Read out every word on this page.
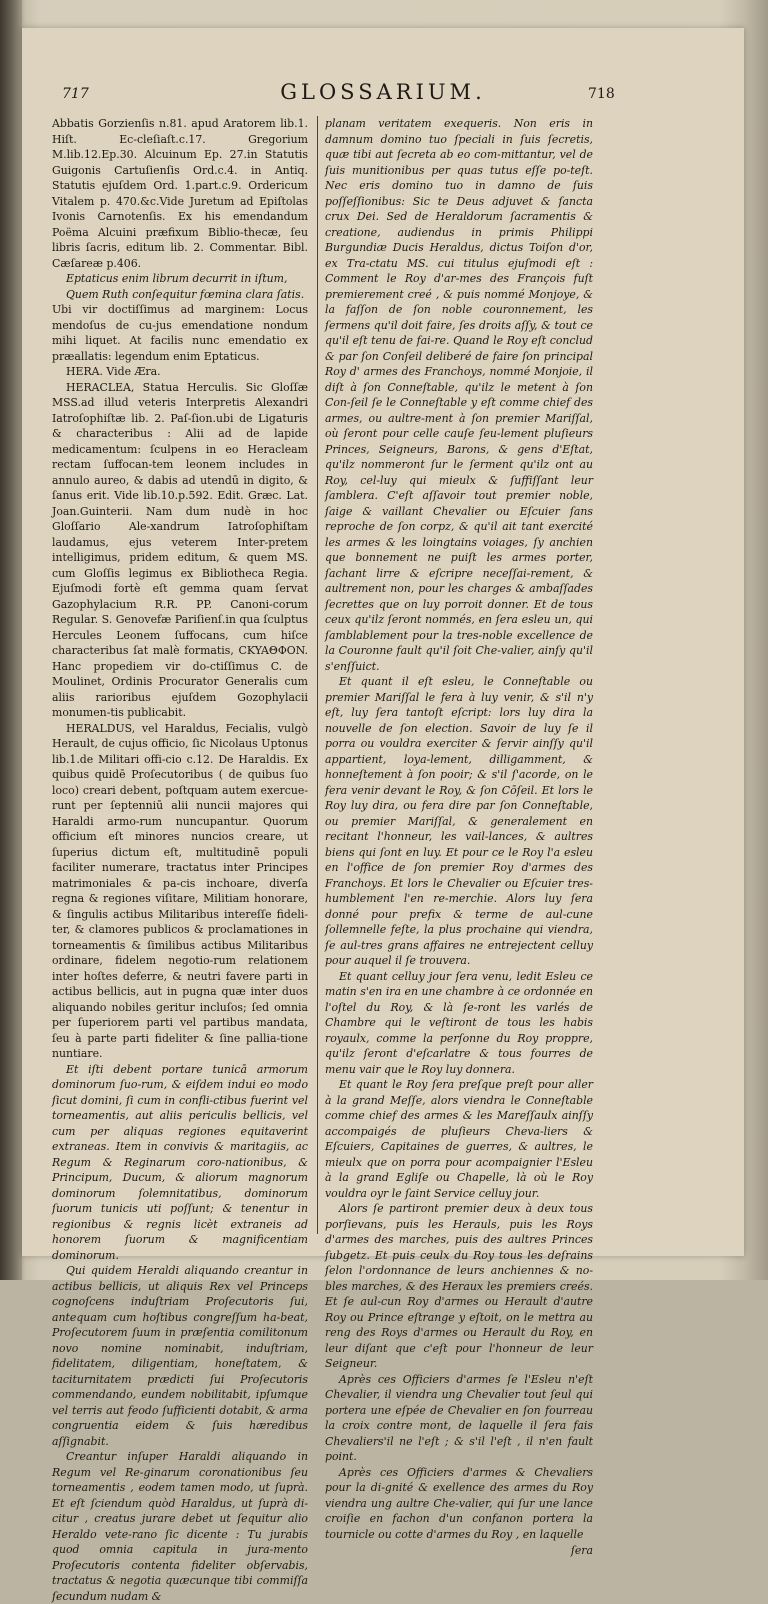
717	GLOSSARIUM.	718

Abbatis Gorzienſis n.81. apud Aratorem lib.1. Hiſt. Ec-cleſiaſt.c.17. Gregorium M.lib.12.Ep.30. Alcuinum Ep. 27.in Statutis Guigonis Cartuſienſis Ord.c.4. in Antiq. Statutis ejuſdem Ord. 1.part.c.9. Ordericum Vitalem p. 470.&c.Vide Juretum ad Epiſtolas Ivonis Carnotenſis. Ex his emendandum Poëma Alcuini præfixum Biblio-thecæ, ſeu libris ſacris, editum lib. 2. Commentar. Bibl. Cæſareæ p.406.

Eptaticus enim librum decurrit in iſtum,

Quem Ruth conſequitur fœmina clara ſatis.

Ubi vir doctiſſimus ad marginem: Locus mendoſus de cu-jus emendatione nondum mihi liquet. At facilis nunc emendatio ex præallatis: legendum enim Eptaticus.

HERA. Vide Æra.

HERACLEA, Statua Herculis. Sic Gloſſæ MSS.ad illud veteris Interpretis Alexandri Iatroſophiſtæ lib. 2. Paſ-ſion.ubi de Ligaturis & characteribus : Alii ad de lapide medicamentum: ſculpens in eo Heracleam rectam ſuffocan-tem leonem includes in annulo aureo, & dabis ad utendū in digito, & ſanus erit. Vide lib.10.p.592. Edit. Græc. Lat. Joan.Guinterii. Nam dum nudè in hoc Gloſſario Ale-xandrum Iatroſophiſtam laudamus, ejus veterem Inter-pretem intelligimus, pridem editum, & quem MS. cum Gloſſis legimus ex Bibliotheca Regia. Ejuſmodi fortè eſt gemma quam ſervat Gazophylacium R.R. PP. Canoni-corum Regular. S. Genovefæ Pariſienſ.in qua ſculptus Hercules Leonem ſuffocans, cum hiſce characteribus ſat malè formatis, CKYAΘΦON. Hanc propediem vir do-ctiſſimus C. de Moulinet, Ordinis Procurator Generalis cum aliis rarioribus ejuſdem Gozophylacii monumen-tis publicabit.

HERALDUS, vel Haraldus, Fecialis, vulgò Herault, de cujus officio, ſic Nicolaus Uptonus lib.1.de Militari offi-cio c.12. De Haraldis. Ex quibus quidē Proſecutoribus ( de quibus ſuo loco) creari debent, poſtquam autem exercue-runt per ſeptenniū alii nuncii majores qui Haraldi armo-rum nuncupantur. Quorum officium eſt minores nuncios creare, ut ſuperius dictum eſt, multitudinē populi faciliter numerare, tractatus inter Principes matrimoniales & pa-cis inchoare, diverſa regna & regiones viſitare, Militiam honorare, & ſingulis actibus Militaribus intereſſe fideli-ter, & clamores publicos & proclamationes in torneamentis & ſimilibus actibus Militaribus ordinare, fidelem negotio-rum relationem inter hoſtes deferre, & neutri favere parti in actibus bellicis, aut in pugna quæ inter duos aliquando nobiles geritur incluſos; ſed omnia per ſuperiorem parti vel partibus mandata, ſeu à parte parti fideliter & ſine pallia-tione nuntiare.

Et iſti debent portare tunicā armorum dominorum ſuo-rum, & eiſdem indui eo modo ſicut domini, ſi cum in confli-ctibus fuerint vel torneamentis, aut aliis periculis bellicis, vel cum per aliquas regiones equitaverint extraneas. Item in convivis & maritagiis, ac Regum & Reginarum coro-nationibus, & Principum, Ducum, & aliorum magnorum dominorum ſolemnitatibus, dominorum ſuorum tunicis uti poſſunt; & tenentur in regionibus & regnis licèt extraneis ad honorem ſuorum & magnificentiam dominorum.

Qui quidem Heraldi aliquando creantur in actibus bellicis, ut aliquis Rex vel Princeps cognoſcens induſtriam Proſecutoris ſui, antequam cum hoſtibus congreſſum ha-beat, Proſecutorem ſuum in præſentia comilitonum novo nomine nominabit, induſtriam, fidelitatem, diligentiam, honeſtatem, & taciturnitatem prædicti ſui Proſecutoris commendando, eundem nobilitabit, ipſumque vel terris aut feodo ſufficienti dotabit, & arma congruentia eidem & ſuis hæredibus aſſignabit.

Creantur inſuper Haraldi aliquando in Regum vel Re-ginarum coronationibus ſeu torneamentis , eodem tamen modo, ut ſuprà. Et eſt ſciendum quòd Haraldus, ut ſuprà di-citur , creatus jurare debet ut ſequitur alio Heraldo vete-rano ſic dicente : Tu jurabis quod omnia capitula in jura-mento Proſecutoris contenta fideliter obſervabis, tractatus & negotia quæcunque tibi commiſſa ſecundum nudam &

planam veritatem exequeris. Non eris in damnum domino tuo ſpeciali in ſuis ſecretis, quæ tibi aut ſecreta ab eo com-mittantur, vel de ſuis munitionibus per quas tutus eſſe po-teſt. Nec eris domino tuo in damno de ſuis poſſeſſionibus: Sic te Deus adjuvet & ſancta crux Dei. Sed de Heraldorum ſacramentis & creatione, audiendus in primis Philippi Burgundiæ Ducis Heraldus, dictus Toiſon d'or, ex Tra-ctatu MS. cui titulus ejuſmodi eſt : Comment le Roy d'ar-mes des François fuſt premierement creé , & puis nommé Monjoye, & la faſſon de ſon noble couronnement, les ſermens qu'il doit faire, ſes droits aſſy, & tout ce qu'il eſt tenu de fai-re. Quand le Roy eſt conclud & par ſon Conſeil deliberé de faire ſon principal Roy d' armes des Franchoys, nommé Monjoie, il diſt à ſon Conneſtable, qu'ilz le metent à ſon Con-ſeil ſe le Conneſtable y eſt comme chief des armes, ou aultre-ment à ſon premier Mariſſal, où ſeront pour celle cauſe ſeu-lement pluſieurs Princes, Seigneurs, Barons, & gens d'Eſtat, qu'ilz nommeront ſur le ſerment qu'ilz ont au Roy, cel-luy qui mieulx & ſuffiſſant leur ſamblera. C'eſt aſſavoir tout premier noble, ſaige & vaillant Chevalier ou Eſcuier ſans reproche de ſon corpz, & qu'il ait tant exercité les armes & les loingtains voiages, ſy anchien que bonnement ne puiſt les armes porter, ſachant lirre & eſcripre neceſſai-rement, & aultrement non, pour les charges & ambaſſades ſecrettes que on luy porroit donner. Et de tous ceux qu'ilz ſeront nommés, en ſera esleu un, qui ſamblablement pour la tres-noble excellence de la Couronne fault qu'il ſoit Che-valier, ainſy qu'il s'enſſuict.

Et quant il eſt esleu, le Conneſtable ou premier Mariſſal le fera à luy venir, & s'il n'y eſt, luy ſera tantoſt eſcript: lors luy dira la nouvelle de ſon election. Savoir de luy ſe il porra ou vouldra exerciter & ſervir ainſſy qu'il appartient, loya-lement, dilligamment, & honneſtement à ſon pooir; & s'il ſ'acorde, on le fera venir devant le Roy, & ſon Cōſeil. Et lors le Roy luy dira, ou fera dire par ſon Conneſtable, ou premier Mariſſal, & generalement en recitant l'honneur, les vail-lances, & aultres biens qui ſont en luy. Et pour ce le Roy l'a esleu en l'office de ſon premier Roy d'armes des Franchoys. Et lors le Chevalier ou Eſcuier tres-humblement l'en re-merchie. Alors luy ſera donné pour prefix & terme de aul-cune ſollemnelle feſte, la plus prochaine qui viendra, ſe aul-tres grans affaires ne entrejectent celluy pour auquel il ſe trouvera.

Et quant celluy jour ſera venu, ledit Esleu ce matin s'en ira en une chambre à ce ordonnée en l'oſtel du Roy, & là ſe-ront les varlés de Chambre qui le veſtiront de tous les habis royaulx, comme la perſonne du Roy proppre, qu'ilz ſeront d'eſcarlatre & tous fourres de menu vair que le Roy luy donnera.

Et quant le Roy ſera preſque preſt pour aller à la grand Meſſe, alors viendra le Conneſtable comme chief des armes & les Mareſſaulx ainſſy accompaigés de pluſieurs Cheva-liers & Eſcuiers, Capitaines de guerres, & aultres, le mieulx que on porra pour acompaignier l'Esleu à la grand Egliſe ou Chapelle, là où le Roy vouldra oyr le ſaint Service celluy jour.

Alors ſe partiront premier deux à deux tous porſievans, puis les Herauls, puis les Roys d'armes des marches, puis des aultres Princes ſubgetz. Et puis ceulx du Roy tous les deſrains ſelon l'ordonnance de leurs anchiennes & no-bles marches, & des Heraux les premiers creés. Et ſe aul-cun Roy d'armes ou Herault d'autre Roy ou Prince eſtrange y eſtoit, on le mettra au reng des Roys d'armes ou Herault du Roy, en leur diſant que c'eſt pour l'honneur de leur Seigneur.

Après ces Officiers d'armes ſe l'Esleu n'eſt Chevalier, il viendra ung Chevalier tout ſeul qui portera une eſpée de Chevalier en ſon fourreau la croix contre mont, de laquelle il ſera fais Chevaliers'il ne l'eſt ; & s'il l'eſt , il n'en fault point.

Après ces Officiers d'armes & Chevaliers pour la di-gnité & exellence des armes du Roy viendra ung aultre Che-valier, qui ſur une lance croiſie en fachon d'un confanon portera la tournicle ou cotte d'armes du Roy , en laquelle

ſera
